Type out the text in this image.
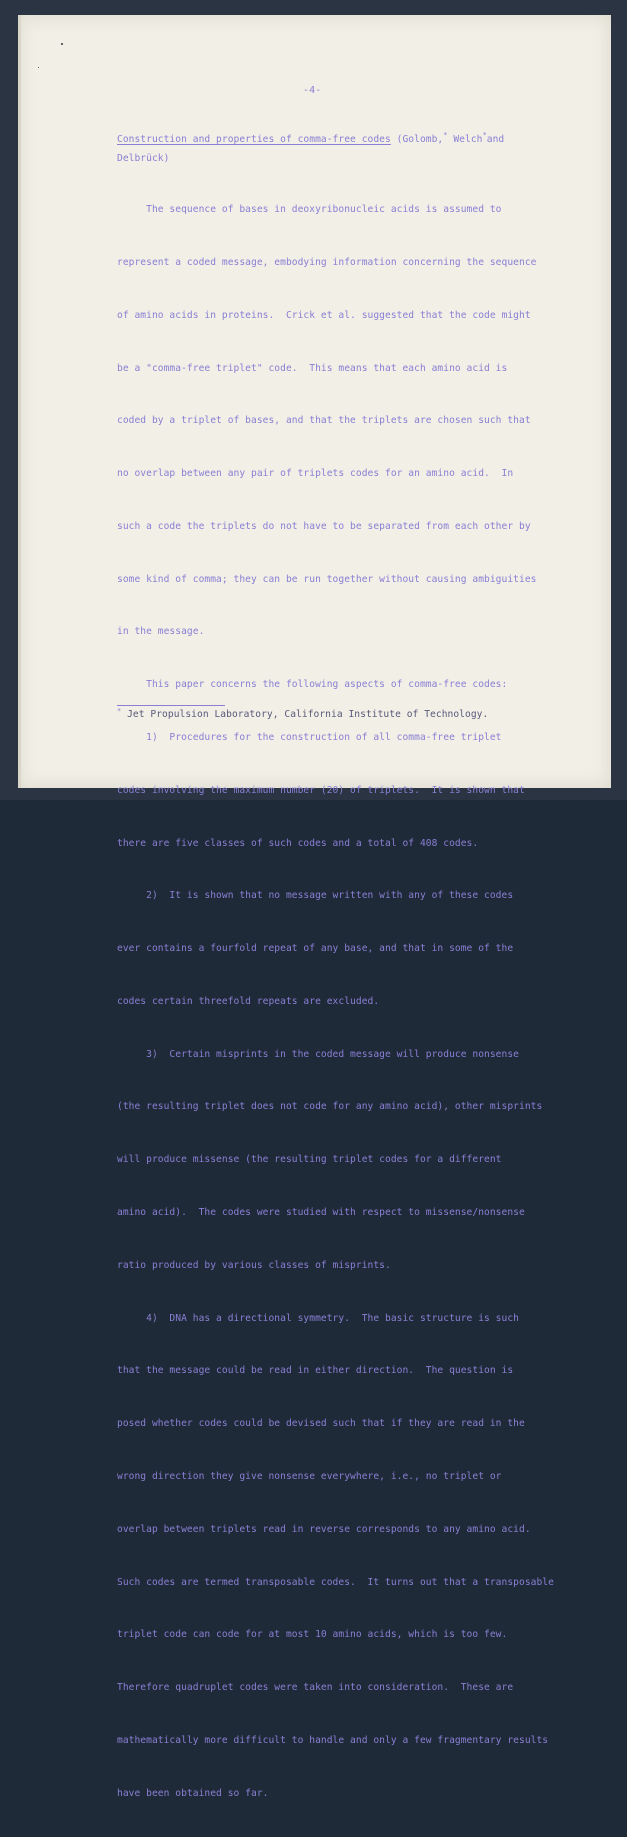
-4-
Construction and properties of comma-free codes (Golomb,* Welch*and
Delbrück)

The sequence of bases in deoxyribonucleic acids is assumed to

represent a coded message, embodying information concerning the sequence

of amino acids in proteins.  Crick et al. suggested that the code might

be a "comma-free triplet" code.  This means that each amino acid is

coded by a triplet of bases, and that the triplets are chosen such that

no overlap between any pair of triplets codes for an amino acid.  In

such a code the triplets do not have to be separated from each other by

some kind of comma; they can be run together without causing ambiguities

in the message.

This paper concerns the following aspects of comma-free codes:

1)  Procedures for the construction of all comma-free triplet

codes involving the maximum number (20) of triplets.  It is shown that

there are five classes of such codes and a total of 408 codes.

2)  It is shown that no message written with any of these codes

ever contains a fourfold repeat of any base, and that in some of the

codes certain threefold repeats are excluded.

3)  Certain misprints in the coded message will produce nonsense

(the resulting triplet does not code for any amino acid), other misprints

will produce missense (the resulting triplet codes for a different

amino acid).  The codes were studied with respect to missense/nonsense

ratio produced by various classes of misprints.

4)  DNA has a directional symmetry.  The basic structure is such

that the message could be read in either direction.  The question is

posed whether codes could be devised such that if they are read in the

wrong direction they give nonsense everywhere, i.e., no triplet or

overlap between triplets read in reverse corresponds to any amino acid.

Such codes are termed transposable codes.  It turns out that a transposable

triplet code can code for at most 10 amino acids, which is too few.

Therefore quadruplet codes were taken into consideration.  These are

mathematically more difficult to handle and only a few fragmentary results

have been obtained so far.

* Jet Propulsion Laboratory, California Institute of Technology.
